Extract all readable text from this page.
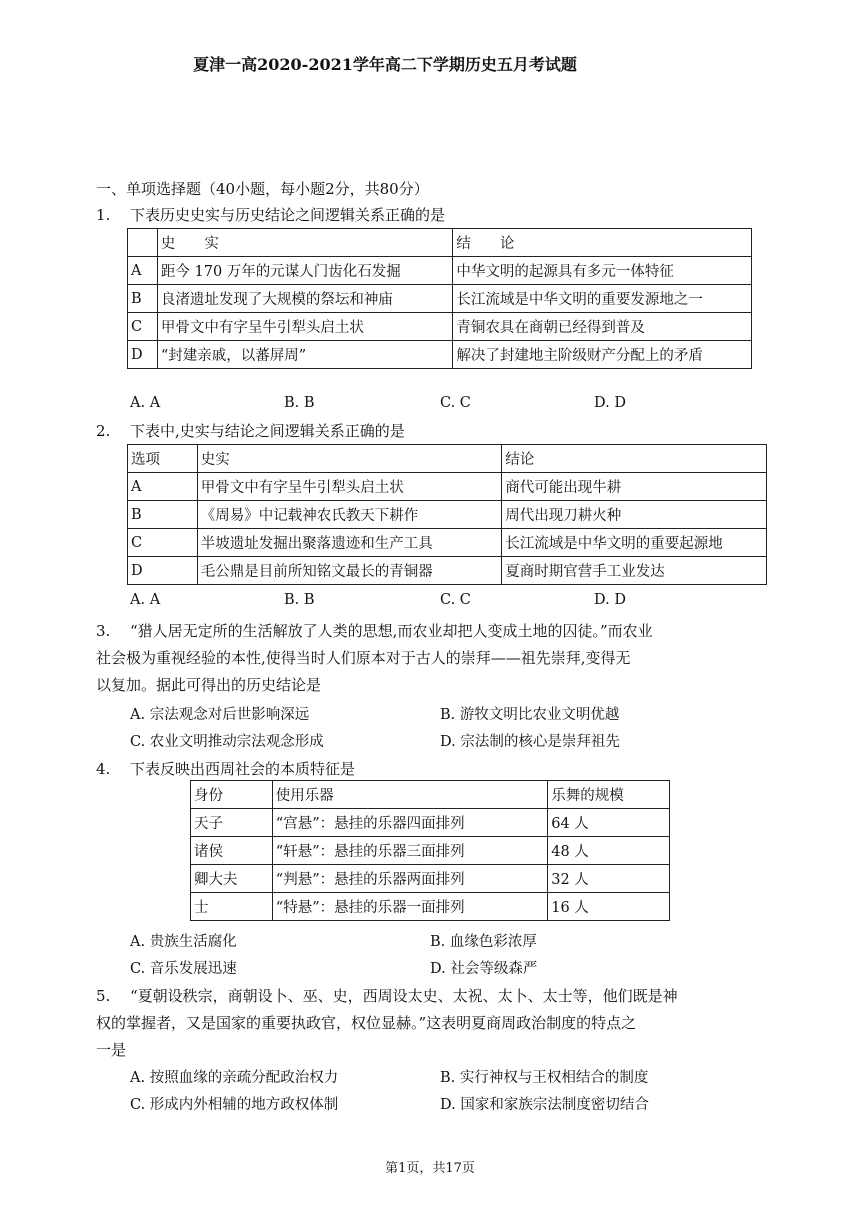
夏津一高2020-2021学年高二下学期历史五月考试题
一、单项选择题（40小题，每小题2分，共80分）
1.	下表历史史实与历史结论之间逻辑关系正确的是
	史　　实	结　　论
A	距今 170 万年的元谋人门齿化石发掘	中华文明的起源具有多元一体特征
B	良渚遗址发现了大规模的祭坛和神庙	长江流域是中华文明的重要发源地之一
C	甲骨文中有字呈牛引犁头启土状	青铜农具在商朝已经得到普及
D	“封建亲戚，以蕃屏周”	解决了封建地主阶级财产分配上的矛盾
A. A	B. B	C. C	D. D
2.	下表中,史实与结论之间逻辑关系正确的是
选项	史实	结论
A	甲骨文中有字呈牛引犁头启土状	商代可能出现牛耕
B	《周易》中记载神农氏教天下耕作	周代出现刀耕火种
C	半坡遗址发掘出聚落遗迹和生产工具	长江流域是中华文明的重要起源地
D	毛公鼎是目前所知铭文最长的青铜器	夏商时期官营手工业发达
A. A	B. B	C. C	D. D
3.	“猎人居无定所的生活解放了人类的思想,而农业却把人变成土地的囚徒。”而农业
社会极为重视经验的本性,使得当时人们原本对于古人的崇拜——祖先崇拜,变得无
以复加。据此可得出的历史结论是
A. 宗法观念对后世影响深远	B. 游牧文明比农业文明优越
C. 农业文明推动宗法观念形成	D. 宗法制的核心是崇拜祖先
4.	下表反映出西周社会的本质特征是
身份	使用乐器	乐舞的规模
天子	“宫悬”：悬挂的乐器四面排列	64 人
诸侯	“轩悬”：悬挂的乐器三面排列	48 人
卿大夫	“判悬”：悬挂的乐器两面排列	32 人
士	“特悬”：悬挂的乐器一面排列	16 人
A. 贵族生活腐化	B. 血缘色彩浓厚
C. 音乐发展迅速	D. 社会等级森严
5.	“夏朝设秩宗，商朝设卜、巫、史，西周设太史、太祝、太卜、太士等，他们既是神
权的掌握者，又是国家的重要执政官，权位显赫。”这表明夏商周政治制度的特点之
一是
A. 按照血缘的亲疏分配政治权力	B. 实行神权与王权相结合的制度
C. 形成内外相辅的地方政权体制	D. 国家和家族宗法制度密切结合
第1页，共17页
